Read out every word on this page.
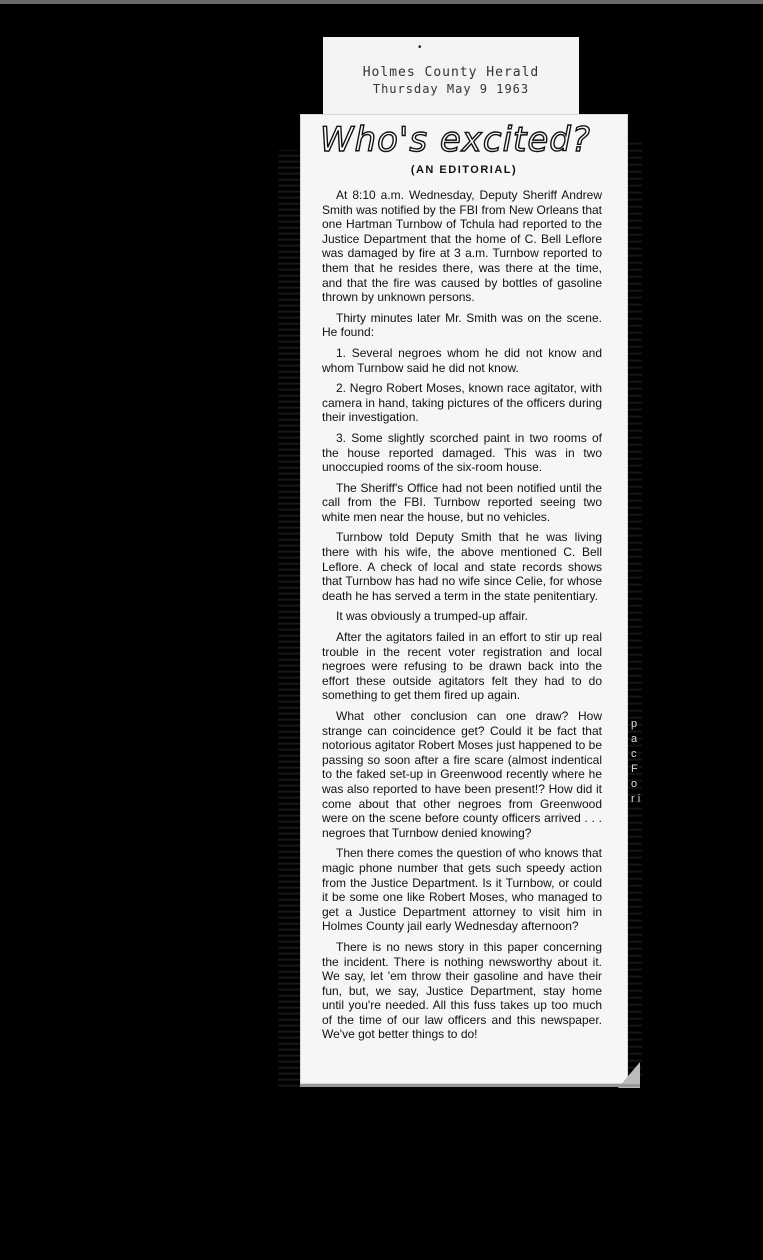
•
Holmes County Herald
Thursday May 9 1963
Who's excited?
(AN EDITORIAL)

At 8:10 a.m. Wednesday, Deputy Sheriff Andrew Smith was notified by the FBI from New Orleans that one Hartman Turnbow of Tchula had reported to the Justice Department that the home of C. Bell Leflore was damaged by fire at 3 a.m. Turnbow reported to them that he resides there, was there at the time, and that the fire was caused by bottles of gasoline thrown by unknown persons.

Thirty minutes later Mr. Smith was on the scene. He found:

1. Several negroes whom he did not know and whom Turnbow said he did not know.

2. Negro Robert Moses, known race agitator, with camera in hand, taking pictures of the officers during their investigation.

3. Some slightly scorched paint in two rooms of the house reported damaged. This was in two unoccupied rooms of the six-room house.

The Sheriff's Office had not been notified until the call from the FBI. Turnbow reported seeing two white men near the house, but no vehicles.

Turnbow told Deputy Smith that he was living there with his wife, the above mentioned C. Bell Leflore. A check of local and state records shows that Turnbow has had no wife since Celie, for whose death he has served a term in the state penitentiary.

It was obviously a trumped-up affair.

After the agitators failed in an effort to stir up real trouble in the recent voter registration and local negroes were refusing to be drawn back into the effort these outside agitators felt they had to do something to get them fired up again.

What other conclusion can one draw? How strange can coincidence get? Could it be fact that notorious agitator Robert Moses just happened to be passing so soon after a fire scare (almost indentical to the faked set-up in Greenwood recently where he was also reported to have been present!? How did it come about that other negroes from Greenwood were on the scene before county officers arrived . . . negroes that Turnbow denied knowing?

Then there comes the question of who knows that magic phone number that gets such speedy action from the Justice Department. Is it Turnbow, or could it be some one like Robert Moses, who managed to get a Justice Department attorney to visit him in Holmes County jail early Wednesday afternoon?

There is no news story in this paper concerning the incident. There is nothing newsworthy about it. We say, let 'em throw their gasoline and have their fun, but, we say, Justice Department, stay home until you're needed. All this fuss takes up too much of the time of our law officers and this newspaper. We've got better things to do!

p a c F o r i
